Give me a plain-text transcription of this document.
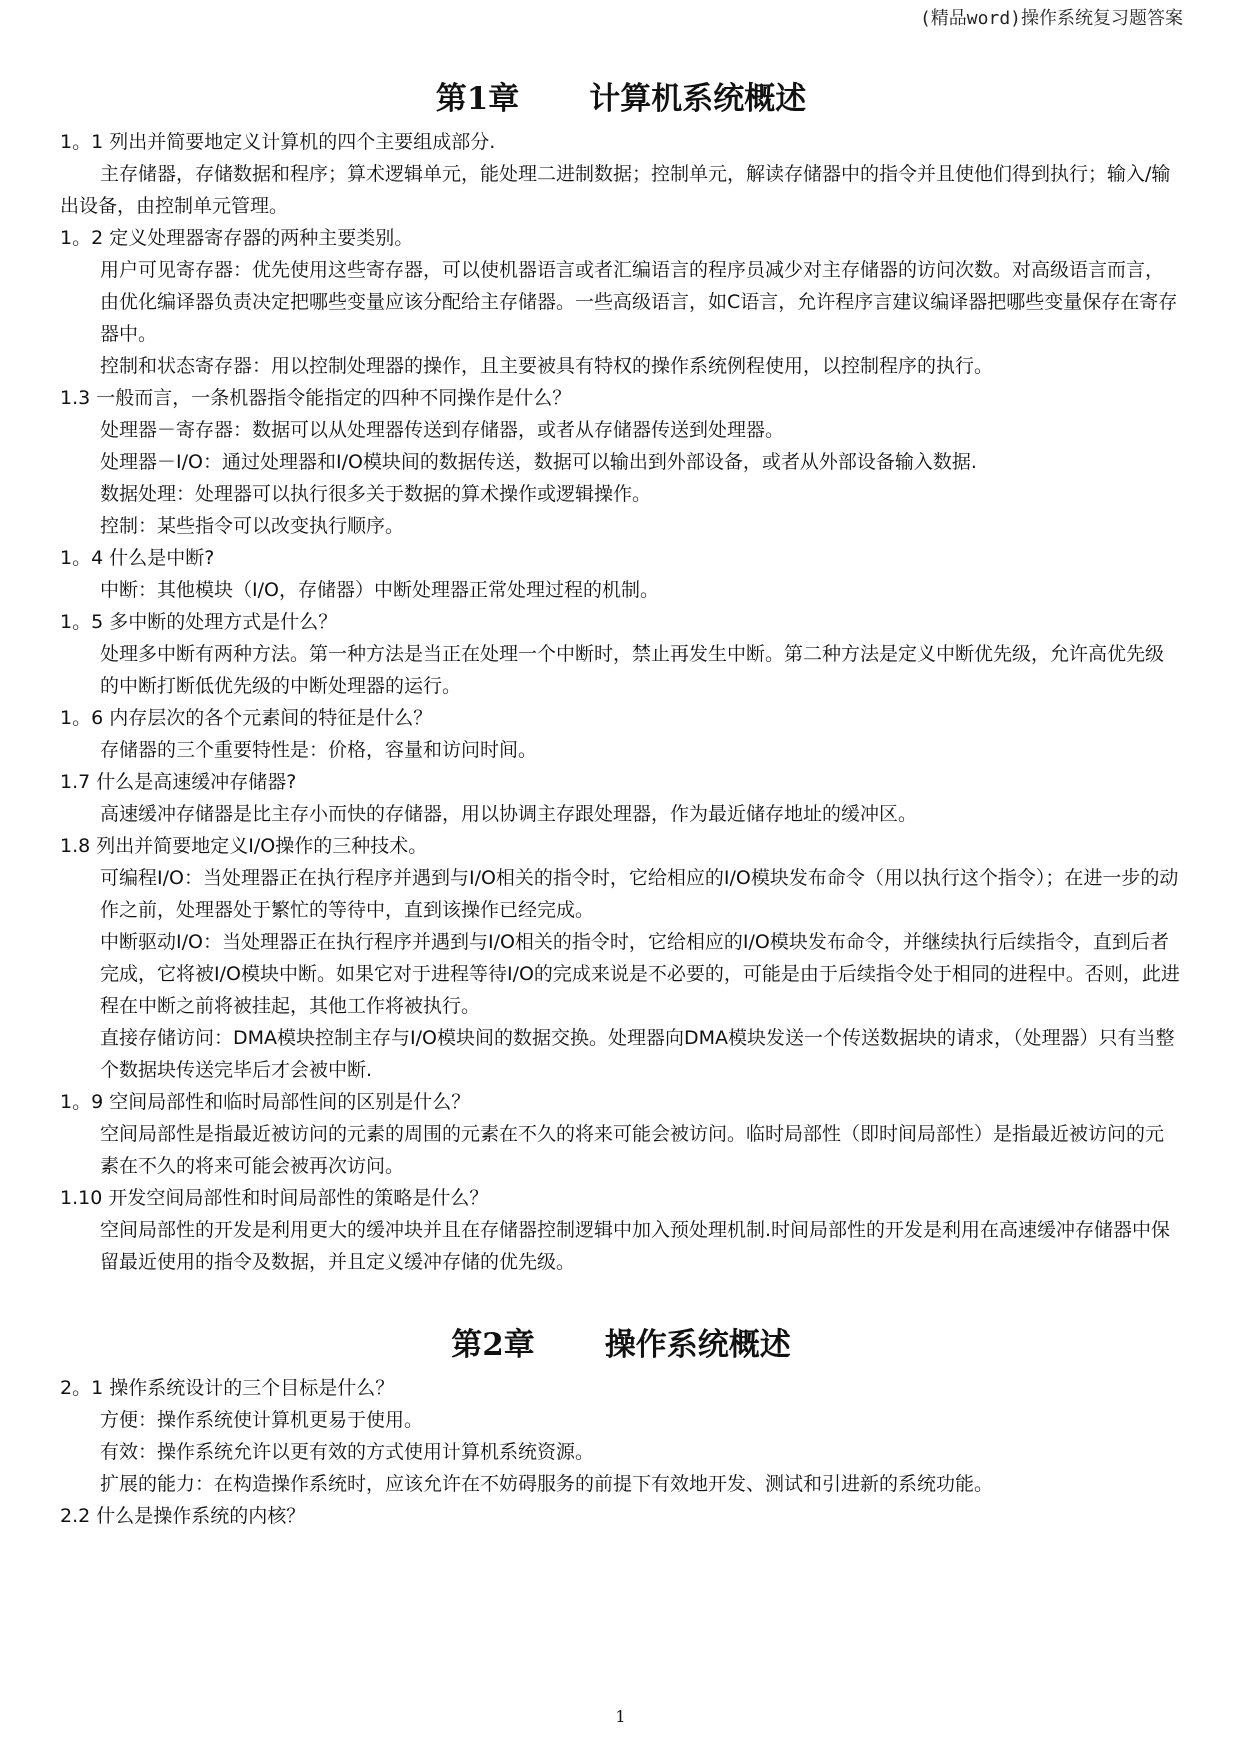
(精品word)操作系统复习题答案
第1章 计算机系统概述

1。1 列出并简要地定义计算机的四个主要组成部分.

主存储器，存储数据和程序；算术逻辑单元，能处理二进制数据；控制单元，解读存储器中的指令并且使他们得到执行；输入/输出设备，由控制单元管理。

1。2 定义处理器寄存器的两种主要类别。

用户可见寄存器：优先使用这些寄存器，可以使机器语言或者汇编语言的程序员减少对主存储器的访问次数。对高级语言而言，由优化编译器负责决定把哪些变量应该分配给主存储器。一些高级语言，如C语言，允许程序言建议编译器把哪些变量保存在寄存器中。

控制和状态寄存器：用以控制处理器的操作，且主要被具有特权的操作系统例程使用，以控制程序的执行。

1.3 一般而言，一条机器指令能指定的四种不同操作是什么？

处理器－寄存器：数据可以从处理器传送到存储器，或者从存储器传送到处理器。

处理器－I/O：通过处理器和I/O模块间的数据传送，数据可以输出到外部设备，或者从外部设备输入数据.

数据处理：处理器可以执行很多关于数据的算术操作或逻辑操作。

控制：某些指令可以改变执行顺序。

1。4 什么是中断?

中断：其他模块（I/O，存储器）中断处理器正常处理过程的机制。

1。5 多中断的处理方式是什么？

处理多中断有两种方法。第一种方法是当正在处理一个中断时，禁止再发生中断。第二种方法是定义中断优先级，允许高优先级的中断打断低优先级的中断处理器的运行。

1。6 内存层次的各个元素间的特征是什么？

存储器的三个重要特性是：价格，容量和访问时间。

1.7 什么是高速缓冲存储器?

高速缓冲存储器是比主存小而快的存储器，用以协调主存跟处理器，作为最近储存地址的缓冲区。

1.8 列出并简要地定义I/O操作的三种技术。

可编程I/O：当处理器正在执行程序并遇到与I/O相关的指令时，它给相应的I/O模块发布命令（用以执行这个指令）；在进一步的动作之前，处理器处于繁忙的等待中，直到该操作已经完成。

中断驱动I/O：当处理器正在执行程序并遇到与I/O相关的指令时，它给相应的I/O模块发布命令，并继续执行后续指令，直到后者完成，它将被I/O模块中断。如果它对于进程等待I/O的完成来说是不必要的，可能是由于后续指令处于相同的进程中。否则，此进程在中断之前将被挂起，其他工作将被执行。

直接存储访问：DMA模块控制主存与I/O模块间的数据交换。处理器向DMA模块发送一个传送数据块的请求，（处理器）只有当整个数据块传送完毕后才会被中断.

1。9 空间局部性和临时局部性间的区别是什么？

空间局部性是指最近被访问的元素的周围的元素在不久的将来可能会被访问。临时局部性（即时间局部性）是指最近被访问的元素在不久的将来可能会被再次访问。

1.10 开发空间局部性和时间局部性的策略是什么？

空间局部性的开发是利用更大的缓冲块并且在存储器控制逻辑中加入预处理机制.时间局部性的开发是利用在高速缓冲存储器中保留最近使用的指令及数据，并且定义缓冲存储的优先级。

第2章 操作系统概述

2。1 操作系统设计的三个目标是什么？

方便：操作系统使计算机更易于使用。

有效：操作系统允许以更有效的方式使用计算机系统资源。

扩展的能力：在构造操作系统时，应该允许在不妨碍服务的前提下有效地开发、测试和引进新的系统功能。

2.2 什么是操作系统的内核？

1
